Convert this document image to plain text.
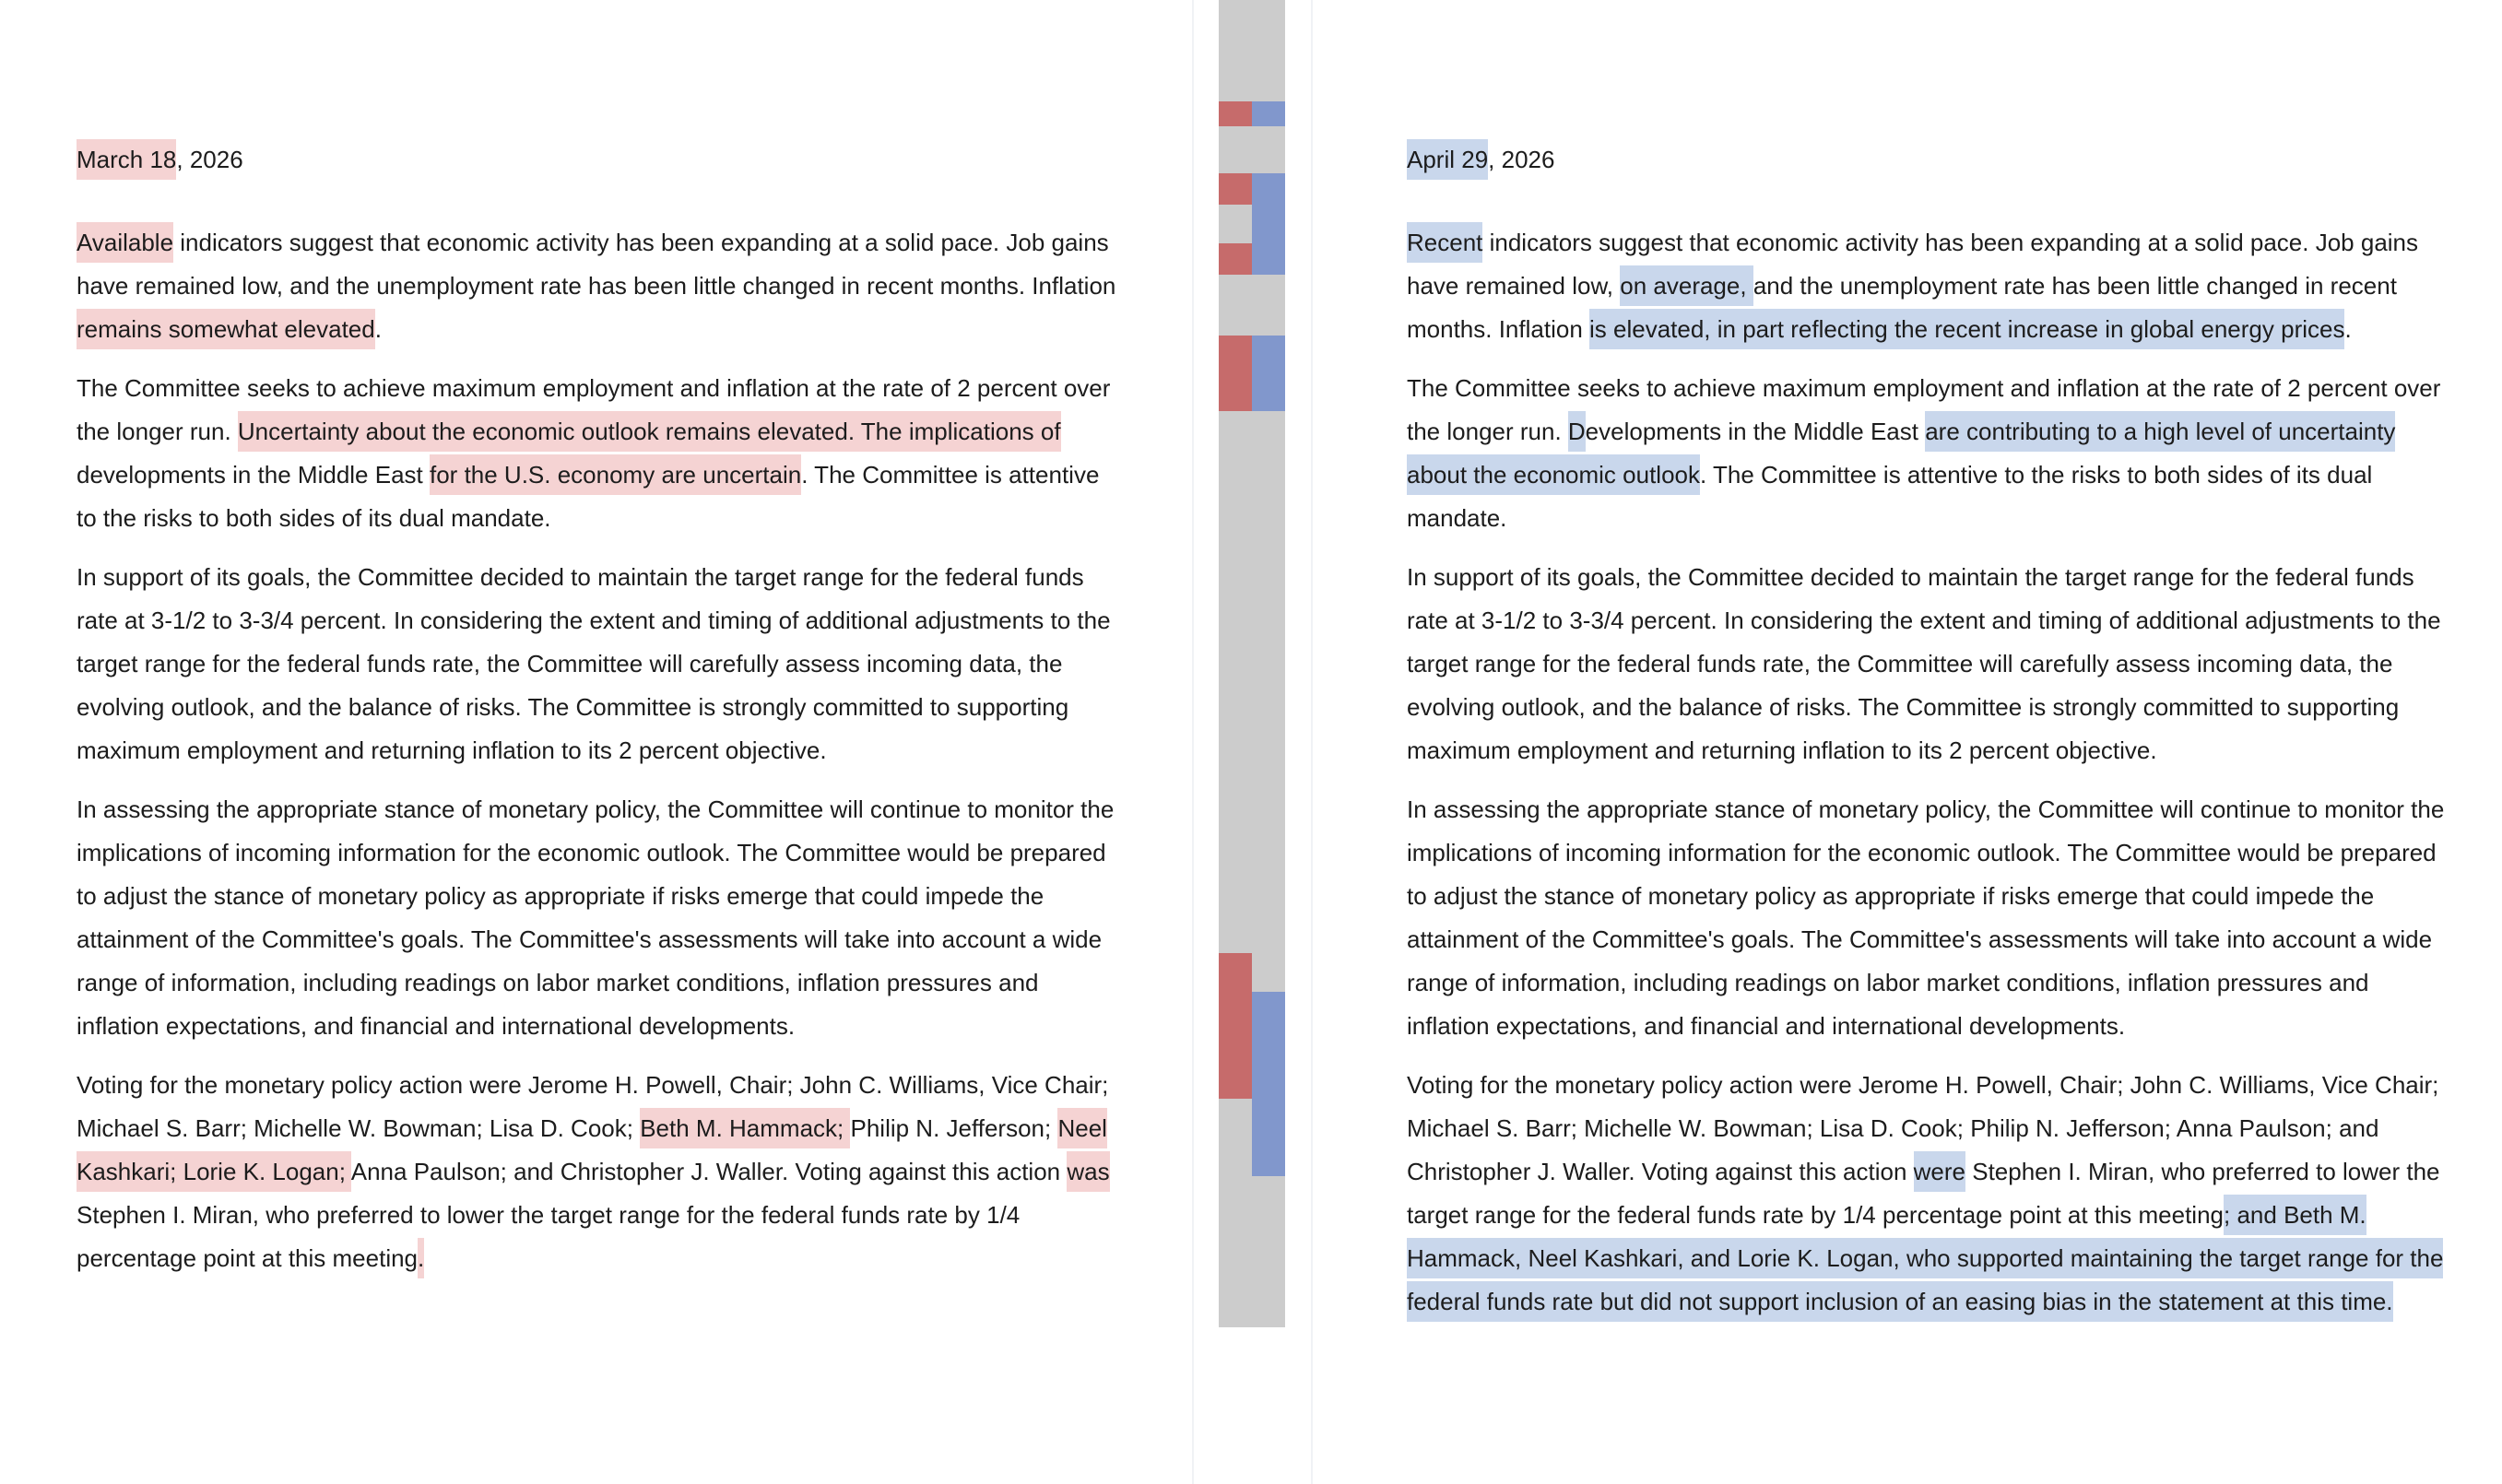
March 18, 2026

Available indicators suggest that economic activity has been expanding at a solid pace. Job gains have remained low, and the unemployment rate has been little changed in recent months. Inflation remains somewhat elevated.

The Committee seeks to achieve maximum employment and inflation at the rate of 2 percent over the longer run. Uncertainty about the economic outlook remains elevated. The implications of developments in the Middle East for the U.S. economy are uncertain. The Committee is attentive to the risks to both sides of its dual mandate.

In support of its goals, the Committee decided to maintain the target range for the federal funds rate at 3-1/2 to 3-3/4 percent. In considering the extent and timing of additional adjustments to the target range for the federal funds rate, the Committee will carefully assess incoming data, the evolving outlook, and the balance of risks. The Committee is strongly committed to supporting maximum employment and returning inflation to its 2 percent objective.

In assessing the appropriate stance of monetary policy, the Committee will continue to monitor the implications of incoming information for the economic outlook. The Committee would be prepared to adjust the stance of monetary policy as appropriate if risks emerge that could impede the attainment of the Committee's goals. The Committee's assessments will take into account a wide range of information, including readings on labor market conditions, inflation pressures and inflation expectations, and financial and international developments.

Voting for the monetary policy action were Jerome H. Powell, Chair; John C. Williams, Vice Chair; Michael S. Barr; Michelle W. Bowman; Lisa D. Cook; Beth M. Hammack; Philip N. Jefferson; Neel Kashkari; Lorie K. Logan; Anna Paulson; and Christopher J. Waller. Voting against this action was Stephen I. Miran, who preferred to lower the target range for the federal funds rate by 1/4 percentage point at this meeting.

April 29, 2026

Recent indicators suggest that economic activity has been expanding at a solid pace. Job gains have remained low, on average, and the unemployment rate has been little changed in recent months. Inflation is elevated, in part reflecting the recent increase in global energy prices.

The Committee seeks to achieve maximum employment and inflation at the rate of 2 percent over the longer run. Developments in the Middle East are contributing to a high level of uncertainty about the economic outlook. The Committee is attentive to the risks to both sides of its dual mandate.

In support of its goals, the Committee decided to maintain the target range for the federal funds rate at 3-1/2 to 3-3/4 percent. In considering the extent and timing of additional adjustments to the target range for the federal funds rate, the Committee will carefully assess incoming data, the evolving outlook, and the balance of risks. The Committee is strongly committed to supporting maximum employment and returning inflation to its 2 percent objective.

In assessing the appropriate stance of monetary policy, the Committee will continue to monitor the implications of incoming information for the economic outlook. The Committee would be prepared to adjust the stance of monetary policy as appropriate if risks emerge that could impede the attainment of the Committee's goals. The Committee's assessments will take into account a wide range of information, including readings on labor market conditions, inflation pressures and inflation expectations, and financial and international developments.

Voting for the monetary policy action were Jerome H. Powell, Chair; John C. Williams, Vice Chair; Michael S. Barr; Michelle W. Bowman; Lisa D. Cook; Philip N. Jefferson; Anna Paulson; and Christopher J. Waller. Voting against this action were Stephen I. Miran, who preferred to lower the target range for the federal funds rate by 1/4 percentage point at this meeting; and Beth M. Hammack, Neel Kashkari, and Lorie K. Logan, who supported maintaining the target range for the federal funds rate but did not support inclusion of an easing bias in the statement at this time.
